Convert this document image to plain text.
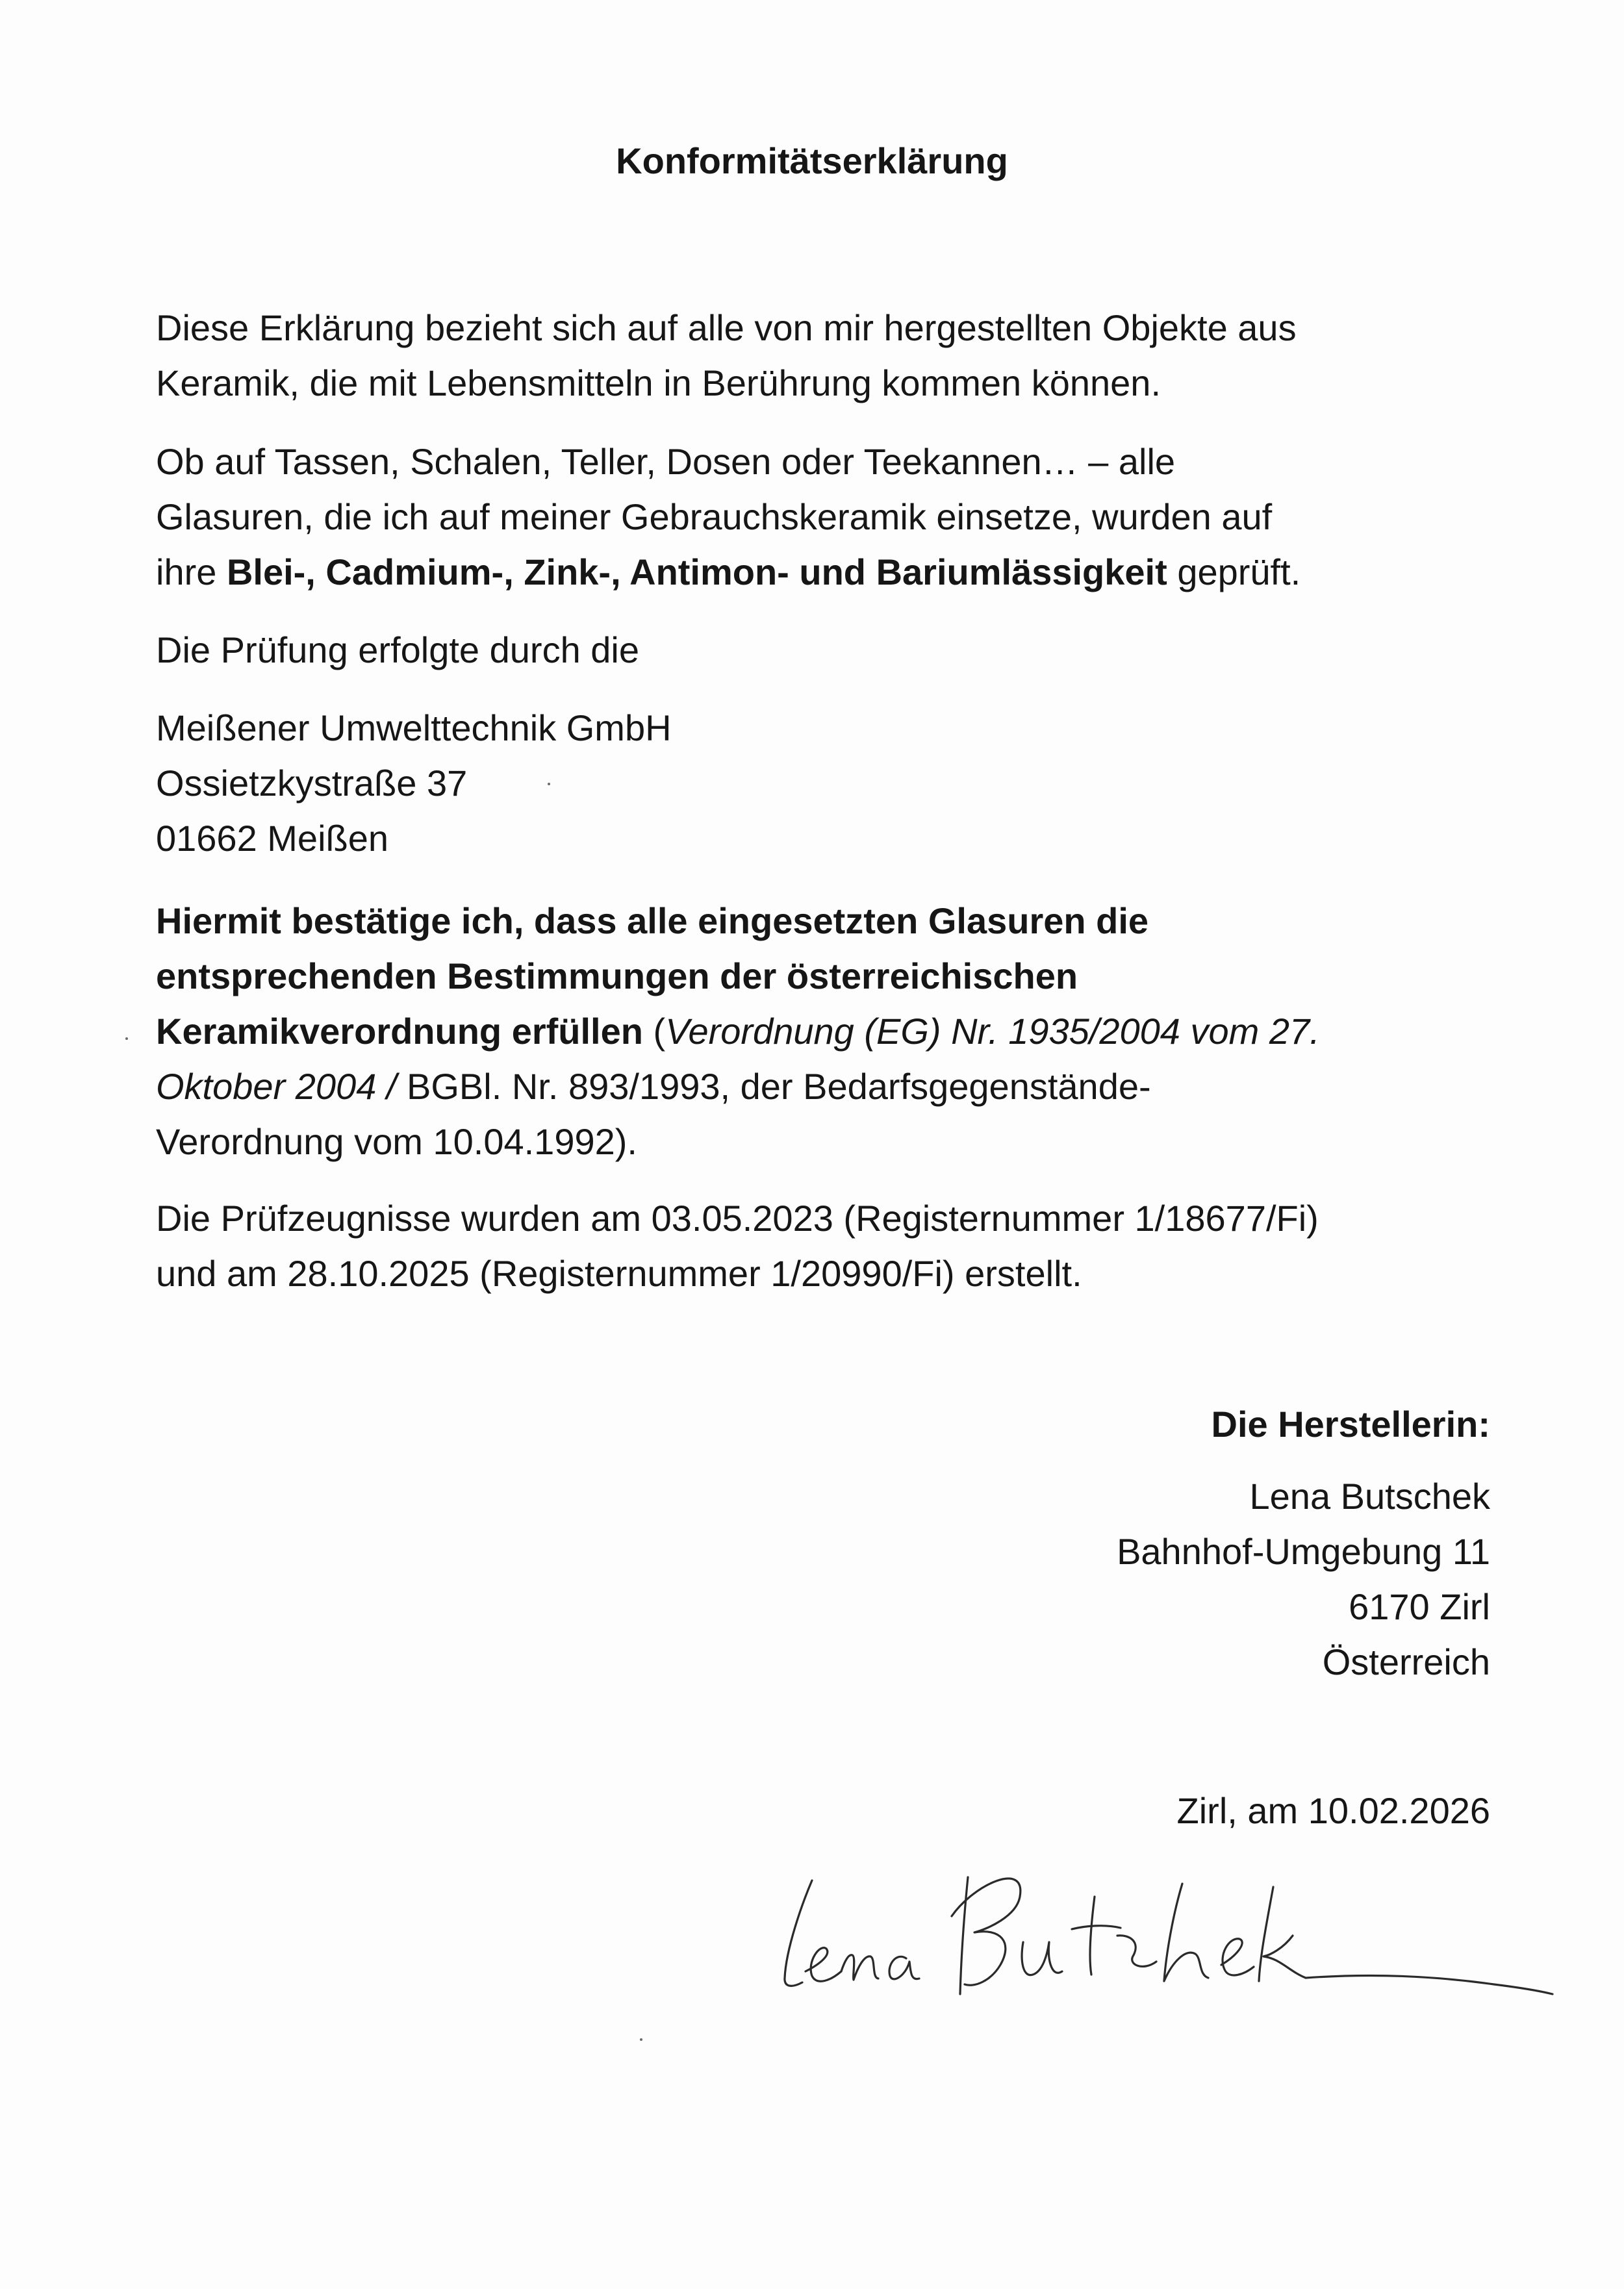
Konformitätserklärung
Diese Erklärung bezieht sich auf alle von mir hergestellten Objekte aus
Keramik, die mit Lebensmitteln in Berührung kommen können.
Ob auf Tassen, Schalen, Teller, Dosen oder Teekannen… – alle
Glasuren, die ich auf meiner Gebrauchskeramik einsetze, wurden auf
ihre Blei-, Cadmium-, Zink-, Antimon- und Bariumlässigkeit geprüft.
Die Prüfung erfolgte durch die
Meißener Umwelttechnik GmbH
Ossietzkystraße 37
01662 Meißen
Hiermit bestätige ich, dass alle eingesetzten Glasuren die
entsprechenden Bestimmungen der österreichischen
Keramikverordnung erfüllen (Verordnung (EG) Nr. 1935/2004 vom 27.
Oktober 2004 / BGBl. Nr. 893/1993, der Bedarfsgegenstände-
Verordnung vom 10.04.1992).
Die Prüfzeugnisse wurden am 03.05.2023 (Registernummer 1/18677/Fi)
und am 28.10.2025 (Registernummer 1/20990/Fi) erstellt.
Die Herstellerin:
Lena Butschek
Bahnhof-Umgebung 11
6170 Zirl
Österreich
Zirl, am 10.02.2026
